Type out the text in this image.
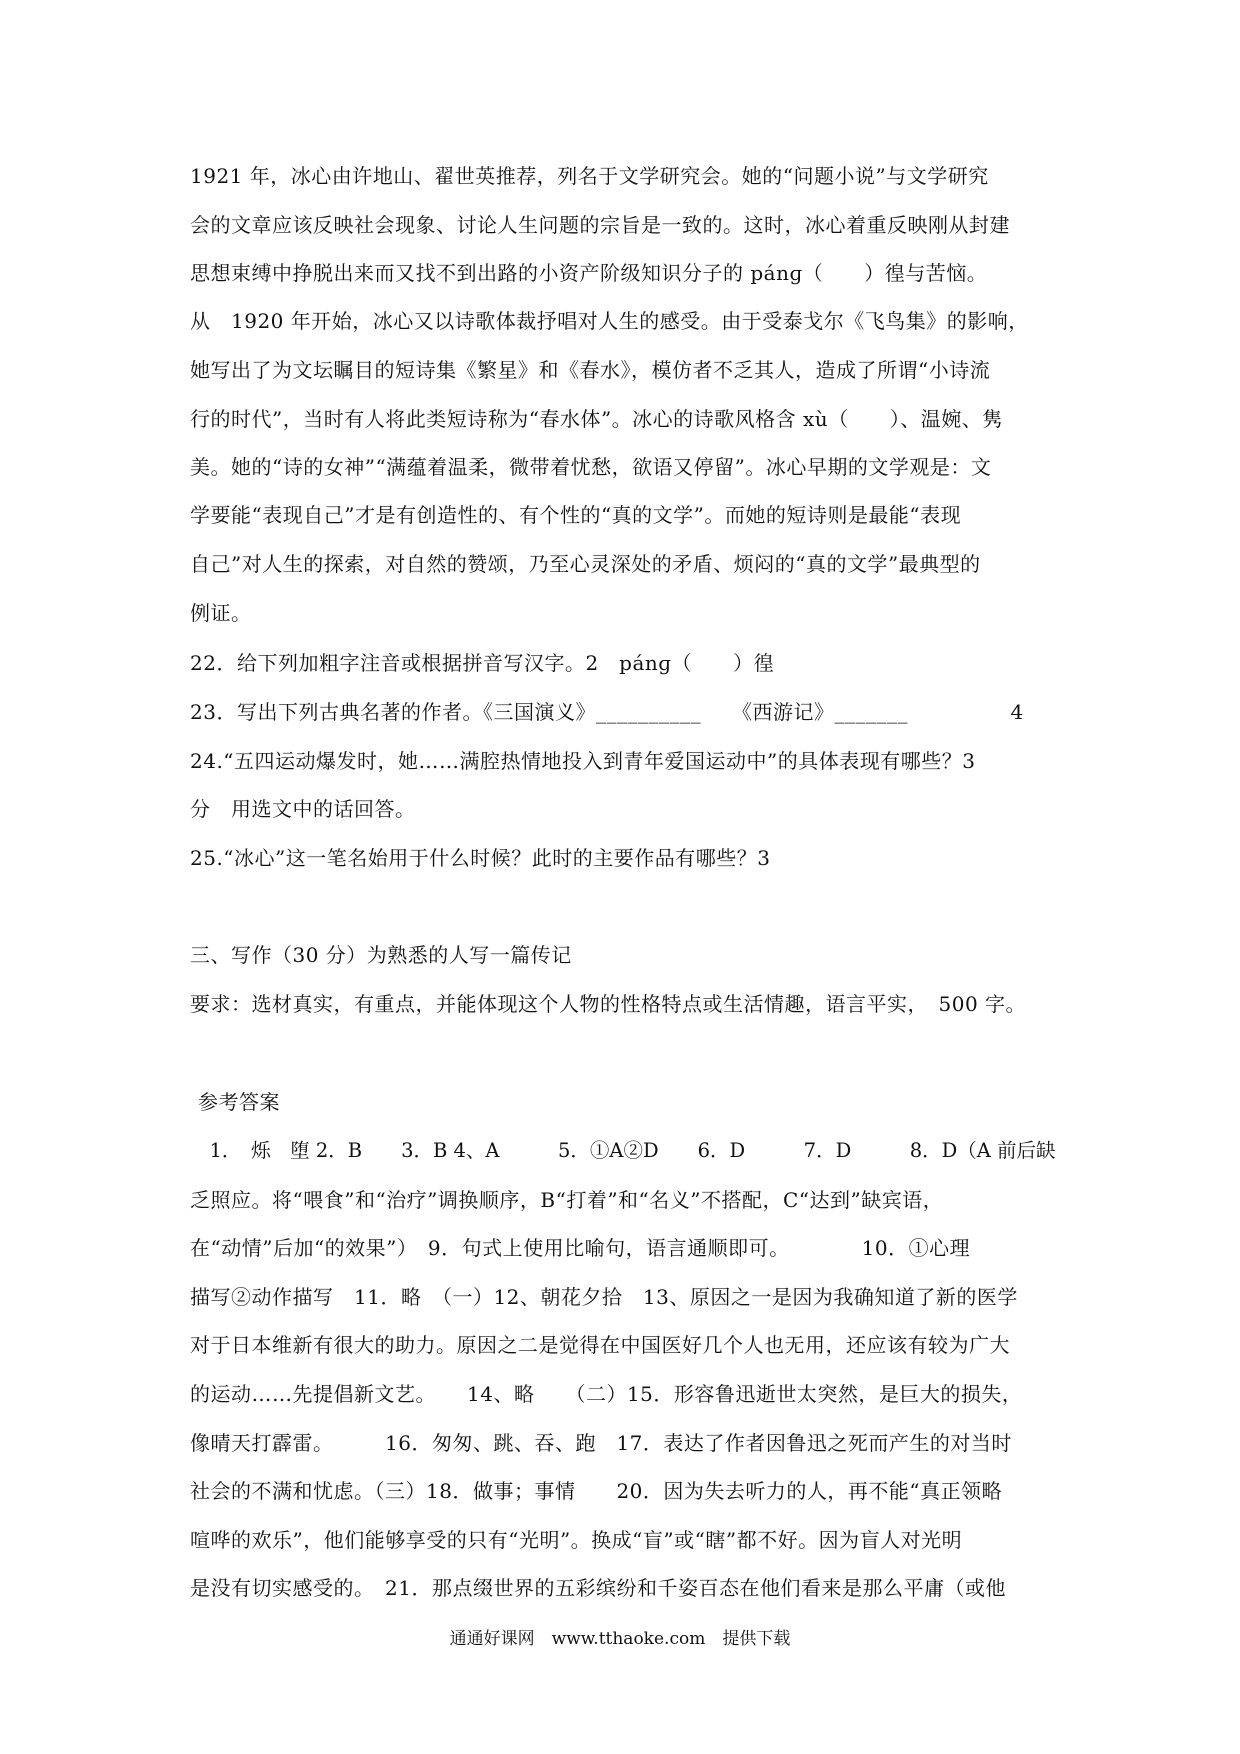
1921 年，冰心由许地山、翟世英推荐，列名于文学研究会。她的“问题小说”与文学研究
会的文章应该反映社会现象、讨论人生问题的宗旨是一致的。这时，冰心着重反映刚从封建
思想束缚中挣脱出来而又找不到出路的小资产阶级知识分子的 pánɡ（　　）徨与苦恼。
从　1920 年开始，冰心又以诗歌体裁抒唱对人生的感受。由于受泰戈尔《飞鸟集》的影响，
她写出了为文坛瞩目的短诗集《繁星》和《春水》，模仿者不乏其人，造成了所谓“小诗流
行的时代”，当时有人将此类短诗称为“春水体”。冰心的诗歌风格含 xù（　　）、温婉、隽
美。她的“诗的女神”“满蕴着温柔，微带着忧愁，欲语又停留”。冰心早期的文学观是：文
学要能“表现自己”才是有创造性的、有个性的“真的文学”。而她的短诗则是最能“表现
自己”对人生的探索，对自然的赞颂，乃至心灵深处的矛盾、烦闷的“真的文学”最典型的
例证。
22．给下列加粗字注音或根据拼音写汉字。2　pánɡ（　　）徨
23．写出下列古典名著的作者。《三国演义》__________　　《西游记》_______　　　　　4
24.“五四运动爆发时，她……满腔热情地投入到青年爱国运动中”的具体表现有哪些？3
分　用选文中的话回答。
25.“冰心”这一笔名始用于什么时候？此时的主要作品有哪些？3
三、写作（30 分）为熟悉的人写一篇传记
要求：选材真实，有重点，并能体现这个人物的性格特点或生活情趣，语言平实，　500 字。
参考答案
　1．　烁　堕 2．B　　3．B 4、A　　　5．①A②D　　6．D　　　7．D　　　8．D（A 前后缺
乏照应。将“喂食”和“治疗”调换顺序，B“打着”和“名义”不搭配，C“达到”缺宾语，
在“动情”后加“的效果”）　9．句式上使用比喻句，语言通顺即可。　　　　10．①心理
描写②动作描写　11．略　（一）12、朝花夕拾　13、原因之一是因为我确知道了新的医学
对于日本维新有很大的助力。原因之二是觉得在中国医好几个人也无用，还应该有较为广大
的运动……先提倡新文艺。　　14、略　　（二）15．形容鲁迅逝世太突然，是巨大的损失，
像晴天打霹雷。　　　16．匆匆、跳、吞、跑　17．表达了作者因鲁迅之死而产生的对当时
社会的不满和忧虑。（三）18．做事；事情　　20．因为失去听力的人，再不能“真正领略
喧哗的欢乐”，他们能够享受的只有“光明”。换成“盲”或“瞎”都不好。因为盲人对光明
是没有切实感受的。　21．那点缀世界的五彩缤纷和千姿百态在他们看来是那么平庸（或他
通通好课网　www.tthaoke.com　提供下载
